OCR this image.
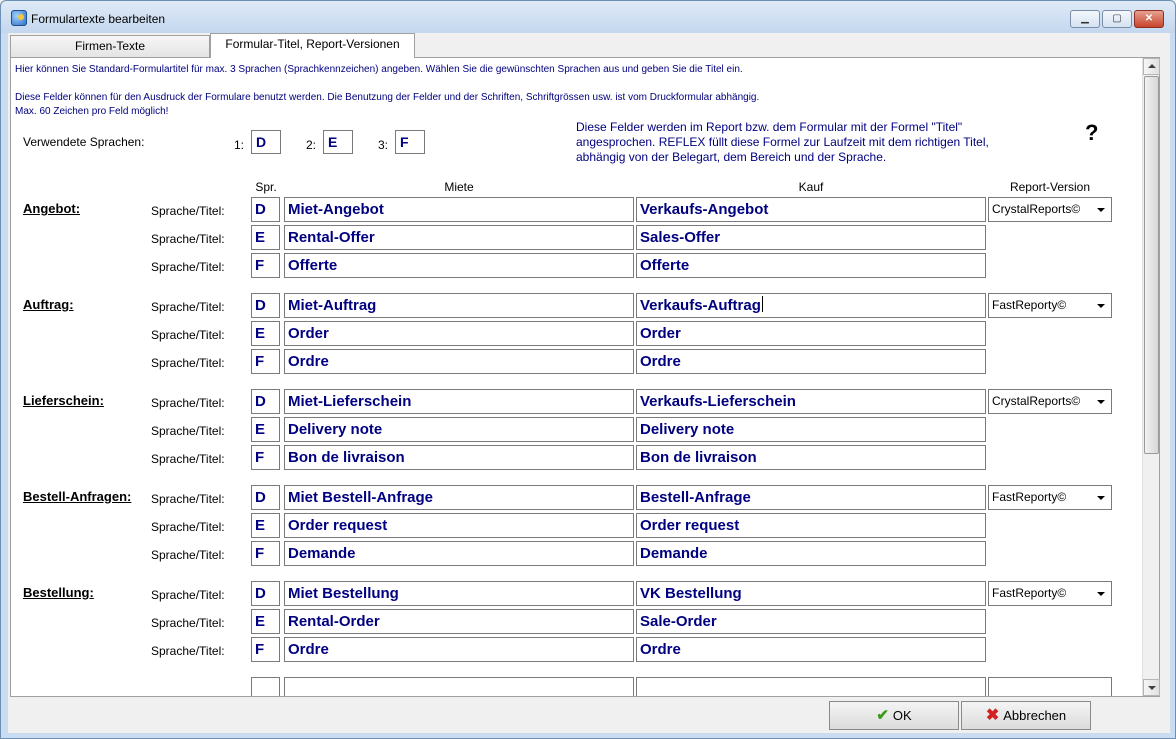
Formulartexte bearbeiten	▁	▢	✕
Firmen-Texte	Formular-Titel, Report-Versionen
Hier können Sie Standard-Formulartitel für max. 3 Sprachen (Sprachkennzeichen) angeben. Wählen Sie die gewünschten Sprachen aus und geben Sie die Titel ein.
Diese Felder können für den Ausdruck der Formulare benutzt werden. Die Benutzung der Felder und der Schriften, Schriftgrössen usw. ist vom Druckformular abhängig.
Max. 60 Zeichen pro Feld möglich!
Verwendete Sprachen:	1: D	2: E	3: F
Diese Felder werden im Report bzw. dem Formular mit der Formel "Titel" angesprochen. REFLEX füllt diese Formel zur Laufzeit mit dem richtigen Titel, abhängig von der Belegart, dem Bereich und der Sprache.
?
Spr.	Miete	Kauf	Report-Version
Angebot:	Sprache/Titel: D	Miet-Angebot	Verkaufs-Angebot	CrystalReports©
Sprache/Titel: E	Rental-Offer	Sales-Offer
Sprache/Titel: F	Offerte	Offerte
Auftrag:	Sprache/Titel: D	Miet-Auftrag	Verkaufs-Auftrag	FastReporty©
Sprache/Titel: E	Order	Order
Sprache/Titel: F	Ordre	Ordre
Lieferschein:	Sprache/Titel: D	Miet-Lieferschein	Verkaufs-Lieferschein	CrystalReports©
Sprache/Titel: E	Delivery note	Delivery note
Sprache/Titel: F	Bon de livraison	Bon de livraison
Bestell-Anfragen: Sprache/Titel: D	Miet Bestell-Anfrage	Bestell-Anfrage	FastReporty©
Sprache/Titel: E	Order request	Order request
Sprache/Titel: F	Demande	Demande
Bestellung:	Sprache/Titel: D	Miet Bestellung	VK Bestellung	FastReporty©
Sprache/Titel: E	Rental-Order	Sale-Order
Sprache/Titel: F	Ordre	Ordre
✔ OK	✖ Abbrechen
